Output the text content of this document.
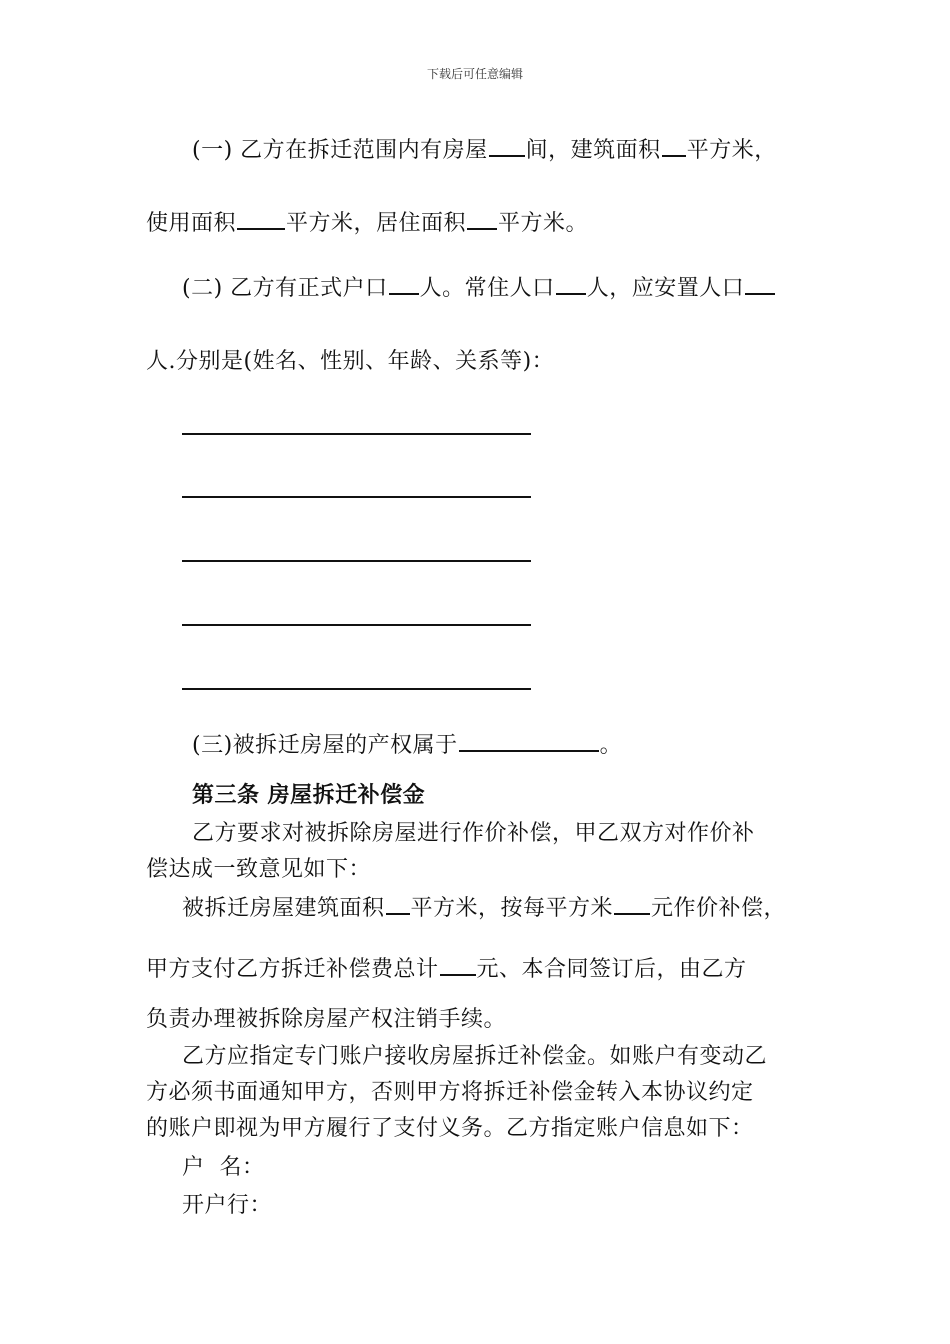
下载后可任意编辑
(一) 乙方在拆迁范围内有房屋 间，建筑面积 平方米，
使用面积 平方米，居住面积 平方米。
(二) 乙方有正式户口 人。常住人口 人，应安置人口
人.分别是(姓名、性别、年龄、关系等)：
(三)被拆迁房屋的产权属于	。
第三条 房屋拆迁补偿金
乙方要求对被拆除房屋进行作价补偿，甲乙双方对作价补
偿达成一致意见如下：
被拆迁房屋建筑面积 平方米，按每平方米 元作价补偿，
甲方支付乙方拆迁补偿费总计 元、本合同签订后，由乙方
负责办理被拆除房屋产权注销手续。
乙方应指定专门账户接收房屋拆迁补偿金。如账户有变动乙
方必须书面通知甲方，否则甲方将拆迁补偿金转入本协议约定
的账户即视为甲方履行了支付义务。乙方指定账户信息如下：
户  名：
开户行：
